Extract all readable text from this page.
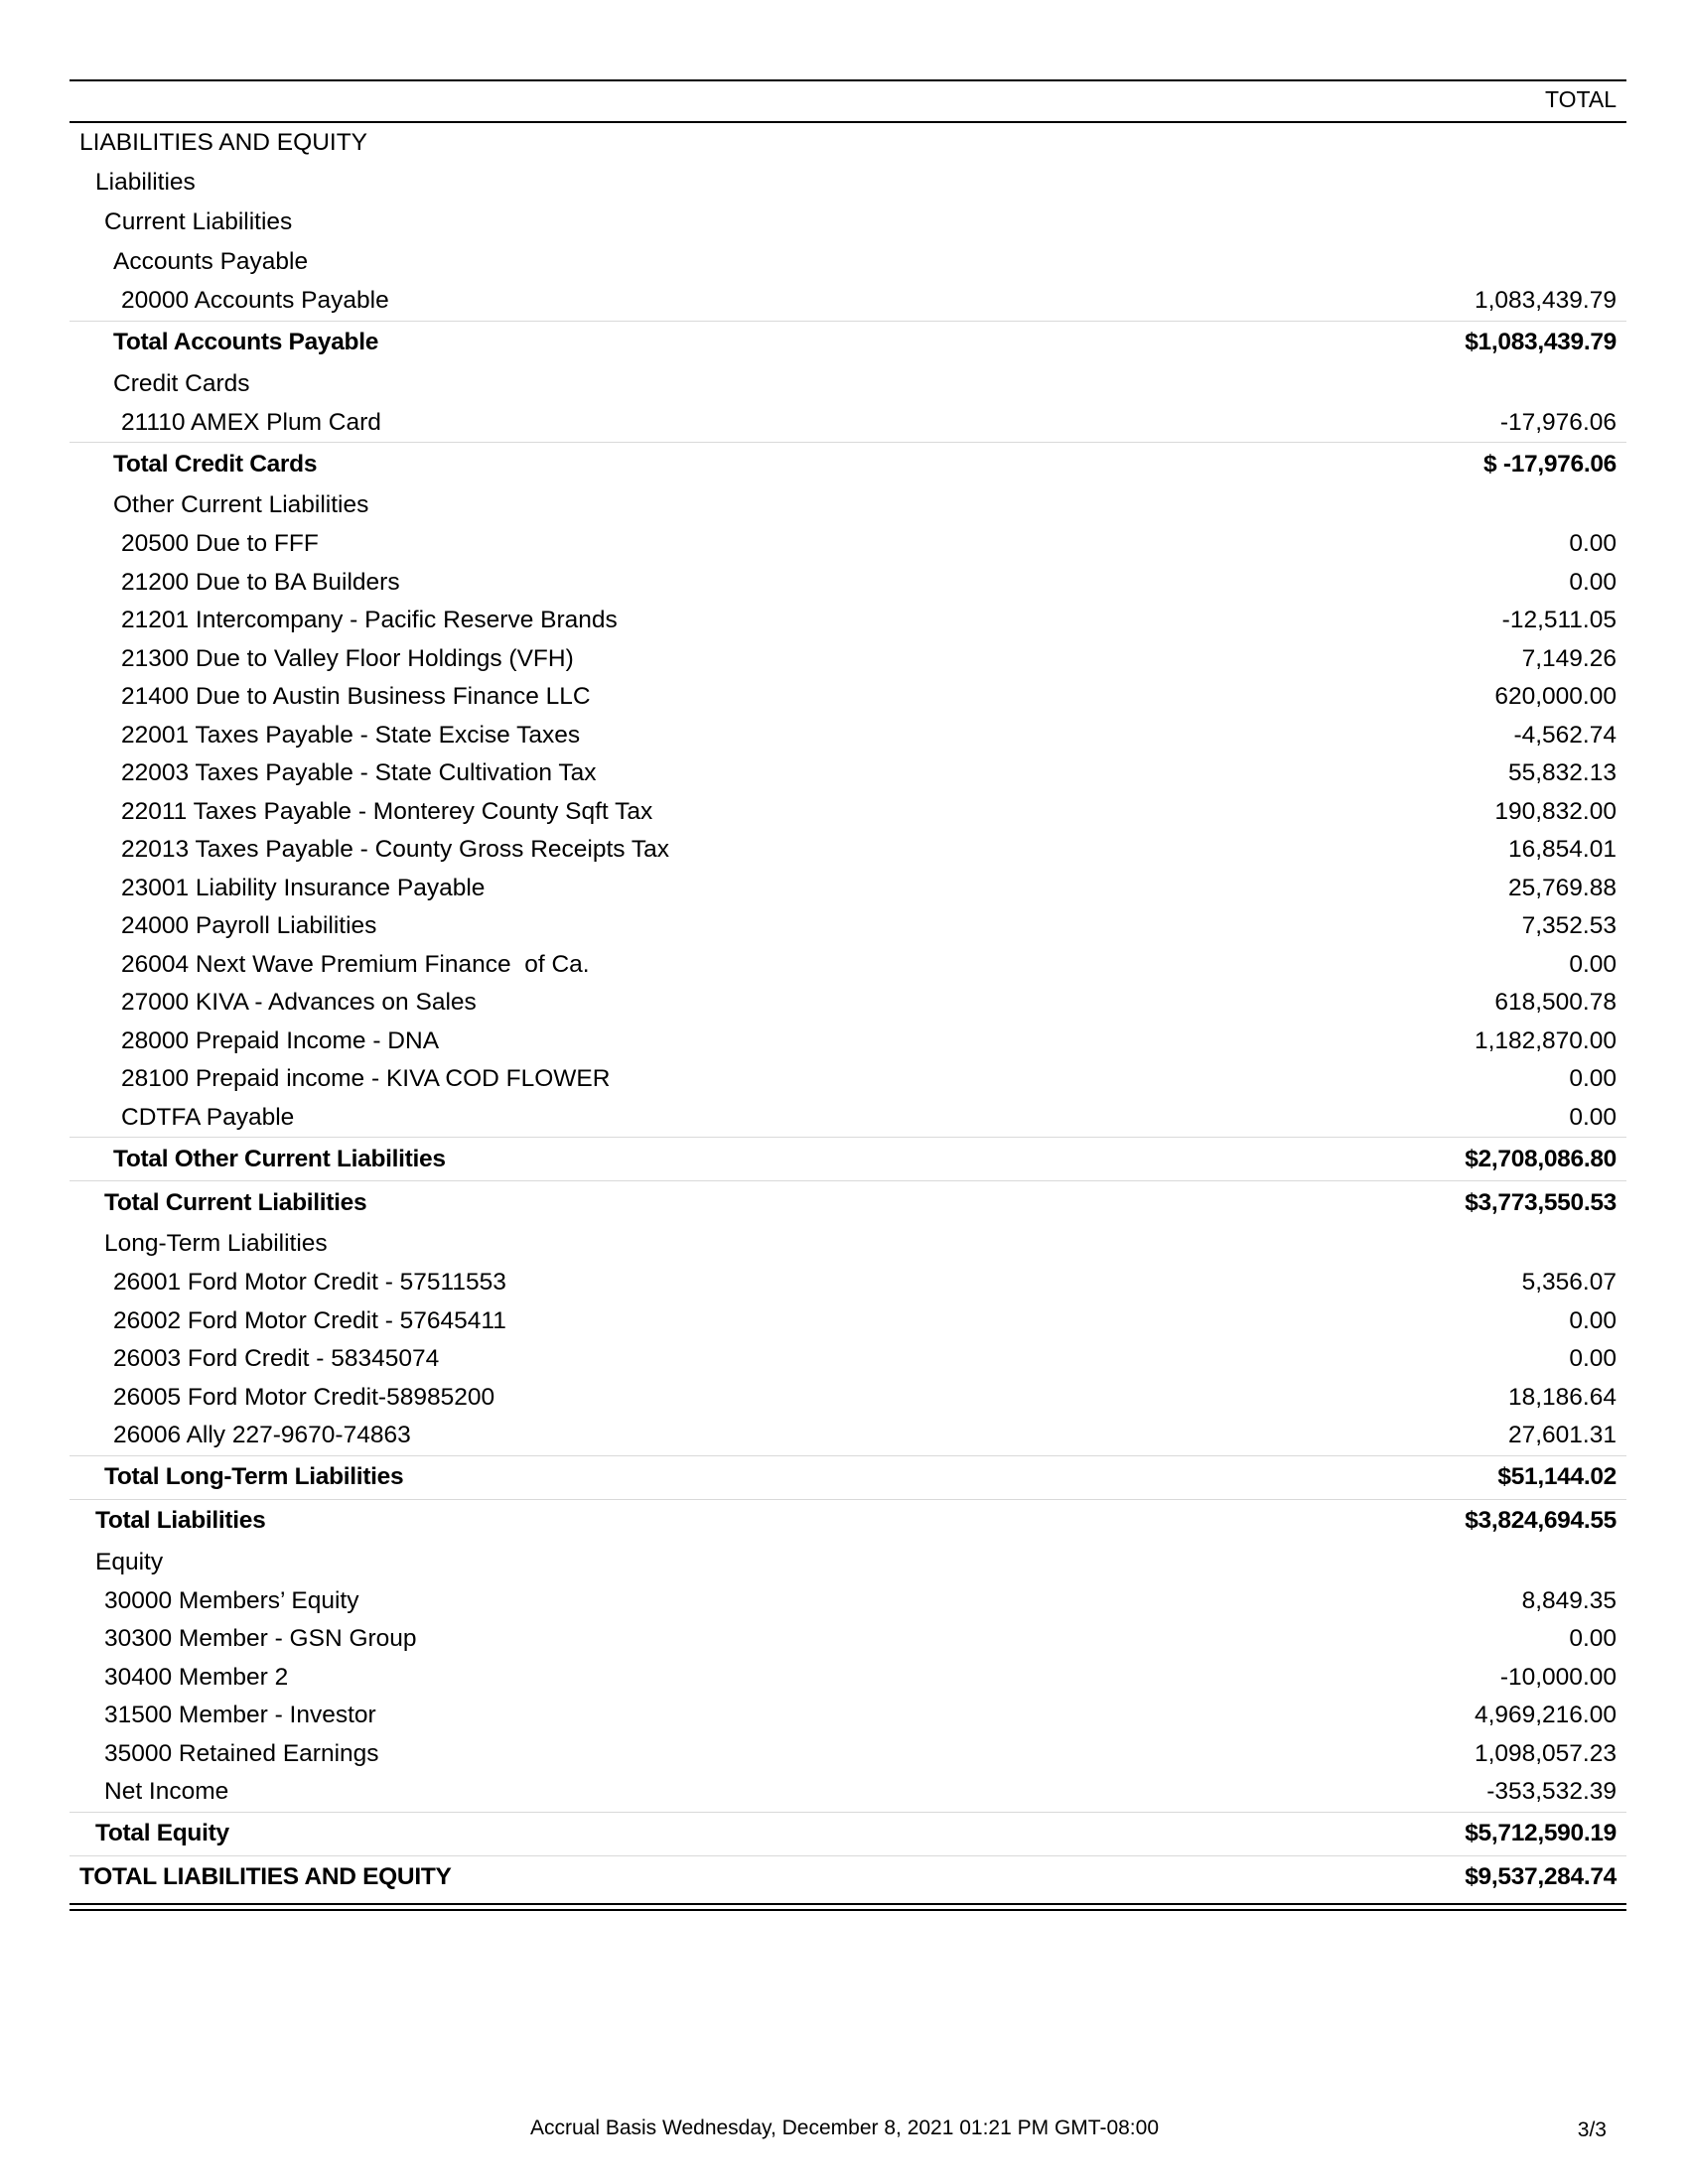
TOTAL
LIABILITIES AND EQUITY
Liabilities
Current Liabilities
Accounts Payable
20000 Accounts Payable	1,083,439.79
Total Accounts Payable	$1,083,439.79
Credit Cards
21110 AMEX Plum Card	-17,976.06
Total Credit Cards	$ -17,976.06
Other Current Liabilities
20500 Due to FFF	0.00
21200 Due to BA Builders	0.00
21201 Intercompany - Pacific Reserve Brands	-12,511.05
21300 Due to Valley Floor Holdings (VFH)	7,149.26
21400 Due to Austin Business Finance LLC	620,000.00
22001 Taxes Payable - State Excise Taxes	-4,562.74
22003 Taxes Payable - State Cultivation Tax	55,832.13
22011 Taxes Payable - Monterey County Sqft Tax	190,832.00
22013 Taxes Payable - County Gross Receipts Tax	16,854.01
23001 Liability Insurance Payable	25,769.88
24000 Payroll Liabilities	7,352.53
26004 Next Wave Premium Finance  of Ca.	0.00
27000 KIVA - Advances on Sales	618,500.78
28000 Prepaid Income - DNA	1,182,870.00
28100 Prepaid income - KIVA COD FLOWER	0.00
CDTFA Payable	0.00
Total Other Current Liabilities	$2,708,086.80
Total Current Liabilities	$3,773,550.53
Long-Term Liabilities
26001 Ford Motor Credit - 57511553	5,356.07
26002 Ford Motor Credit - 57645411	0.00
26003 Ford Credit - 58345074	0.00
26005 Ford Motor Credit-58985200	18,186.64
26006 Ally 227-9670-74863	27,601.31
Total Long-Term Liabilities	$51,144.02
Total Liabilities	$3,824,694.55
Equity
30000 Members’ Equity	8,849.35
30300 Member - GSN Group	0.00
30400 Member 2	-10,000.00
31500 Member - Investor	4,969,216.00
35000 Retained Earnings	1,098,057.23
Net Income	-353,532.39
Total Equity	$5,712,590.19
TOTAL LIABILITIES AND EQUITY	$9,537,284.74
Accrual Basis Wednesday, December 8, 2021 01:21 PM GMT-08:00	3/3
